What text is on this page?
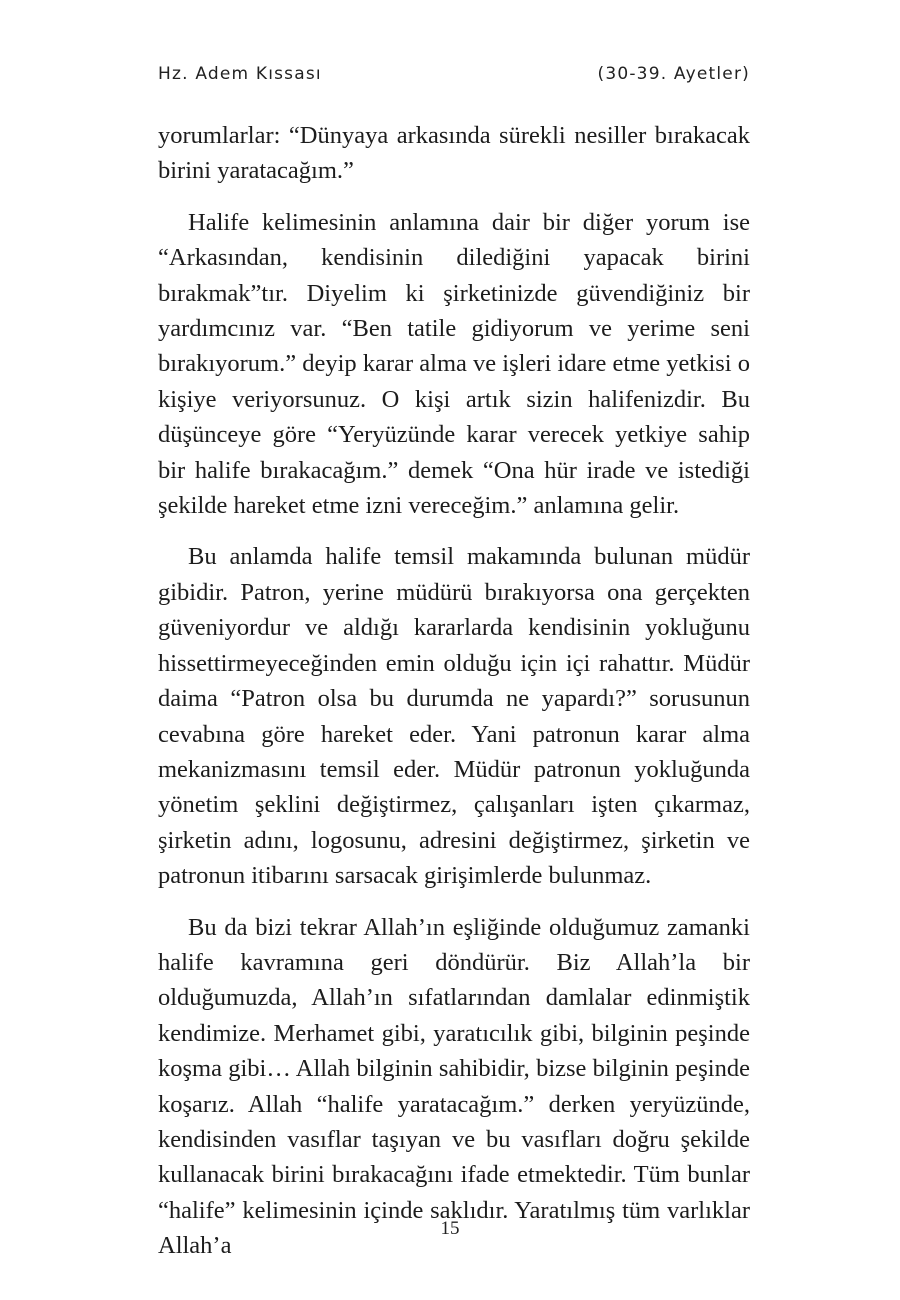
Hz. Adem Kıssası	(30-39. Ayetler)

yorumlarlar: “Dünyaya arkasında sürekli nesiller bırakacak birini yaratacağım.”

Halife kelimesinin anlamına dair bir diğer yorum ise “Arkasından, kendisinin dilediğini yapacak birini bırakmak”tır. Diyelim ki şirketinizde güvendiğiniz bir yardımcınız var. “Ben tatile gidiyorum ve yerime seni bırakıyorum.” deyip karar alma ve işleri idare etme yetkisi o kişiye veriyorsunuz. O kişi artık sizin halifenizdir. Bu düşünceye göre “Yeryüzünde karar verecek yetkiye sahip bir halife bırakacağım.” demek “Ona hür irade ve istediği şekilde hareket etme izni vereceğim.” anlamına gelir.

Bu anlamda halife temsil makamında bulunan müdür gibidir. Patron, yerine müdürü bırakıyorsa ona gerçekten güveniyordur ve aldığı kararlarda kendisinin yokluğunu hissettirmeyeceğinden emin olduğu için içi rahattır. Müdür daima “Patron olsa bu durumda ne yapardı?” sorusunun cevabına göre hareket eder. Yani patronun karar alma mekanizmasını temsil eder. Müdür patronun yokluğunda yönetim şeklini değiştirmez, çalışanları işten çıkarmaz, şirketin adını, logosunu, adresini değiştirmez, şirketin ve patronun itibarını sarsacak girişimlerde bulunmaz.

Bu da bizi tekrar Allah’ın eşliğinde olduğumuz zamanki halife kavramına geri döndürür. Biz Allah’la bir olduğumuzda, Allah’ın sıfatlarından damlalar edinmiştik kendimize. Merhamet gibi, yaratıcılık gibi, bilginin peşinde koşma gibi… Allah bilginin sahibidir, bizse bilginin peşinde koşarız. Allah “halife yaratacağım.” derken yeryüzünde, kendisinden vasıflar taşıyan ve bu vasıfları doğru şekilde kullanacak birini bırakacağını ifade etmektedir. Tüm bunlar “halife” kelimesinin içinde saklıdır. Yaratılmış tüm varlıklar Allah’a

15
